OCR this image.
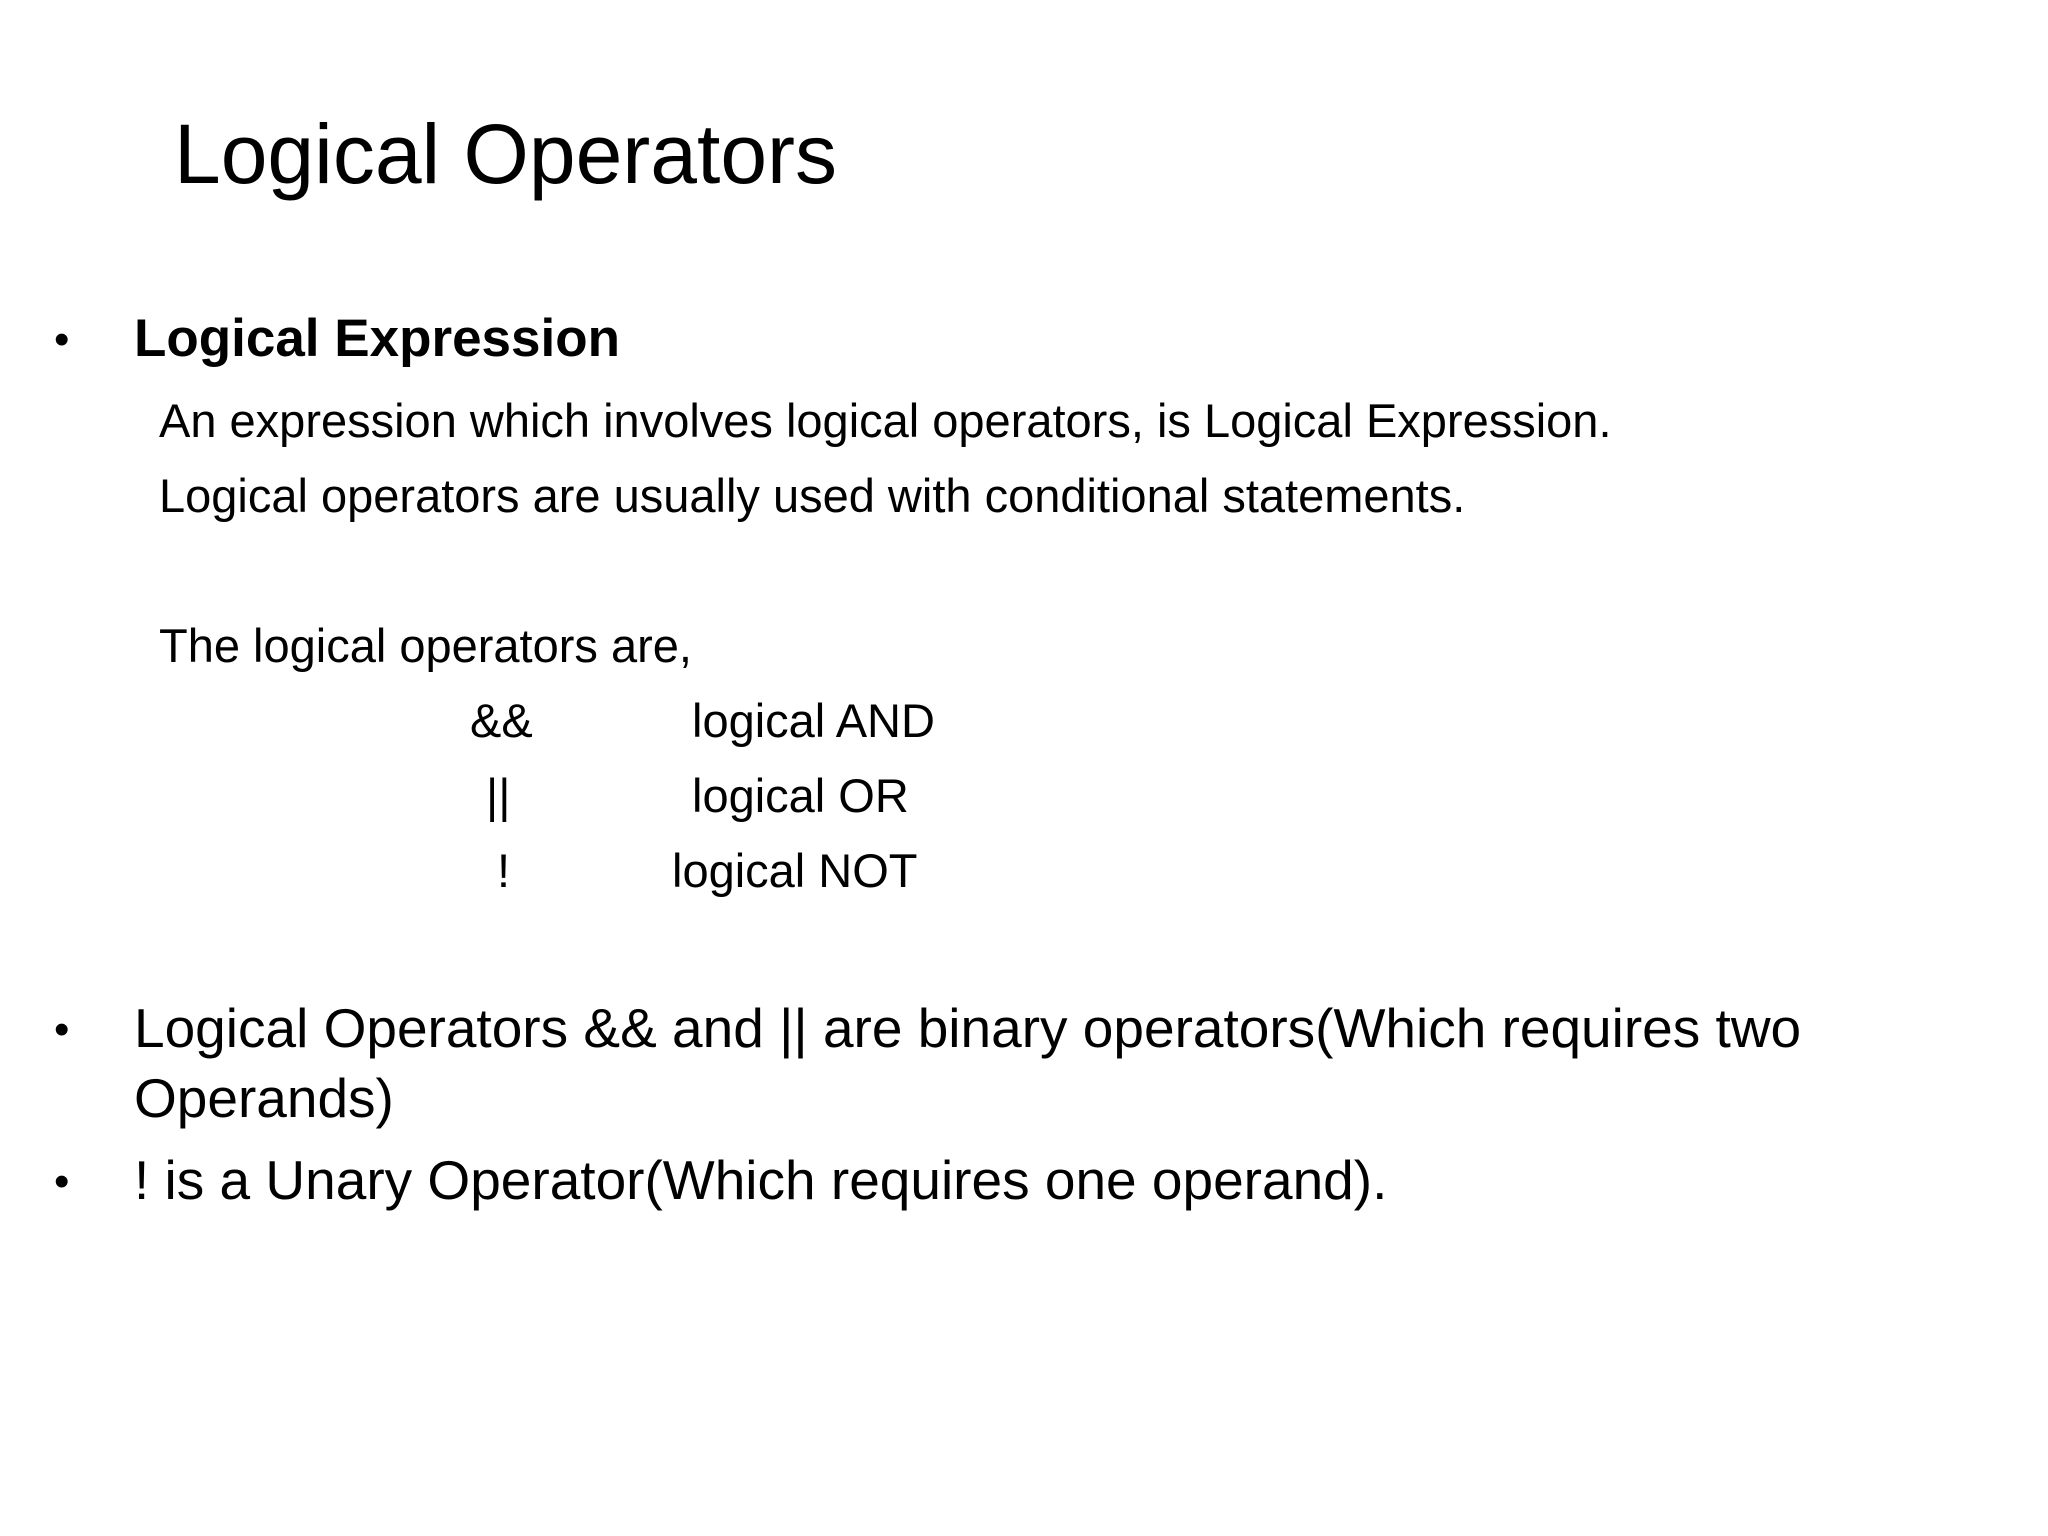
Logical Operators
• Logical Expression
An expression which involves logical operators, is Logical Expression.
Logical operators are usually used with conditional statements.
The logical operators are,
&&	logical AND
||	logical OR
!	logical NOT
• Logical Operators && and || are binary operators(Which requires two Operands)
• ! is a Unary Operator(Which requires one operand).
